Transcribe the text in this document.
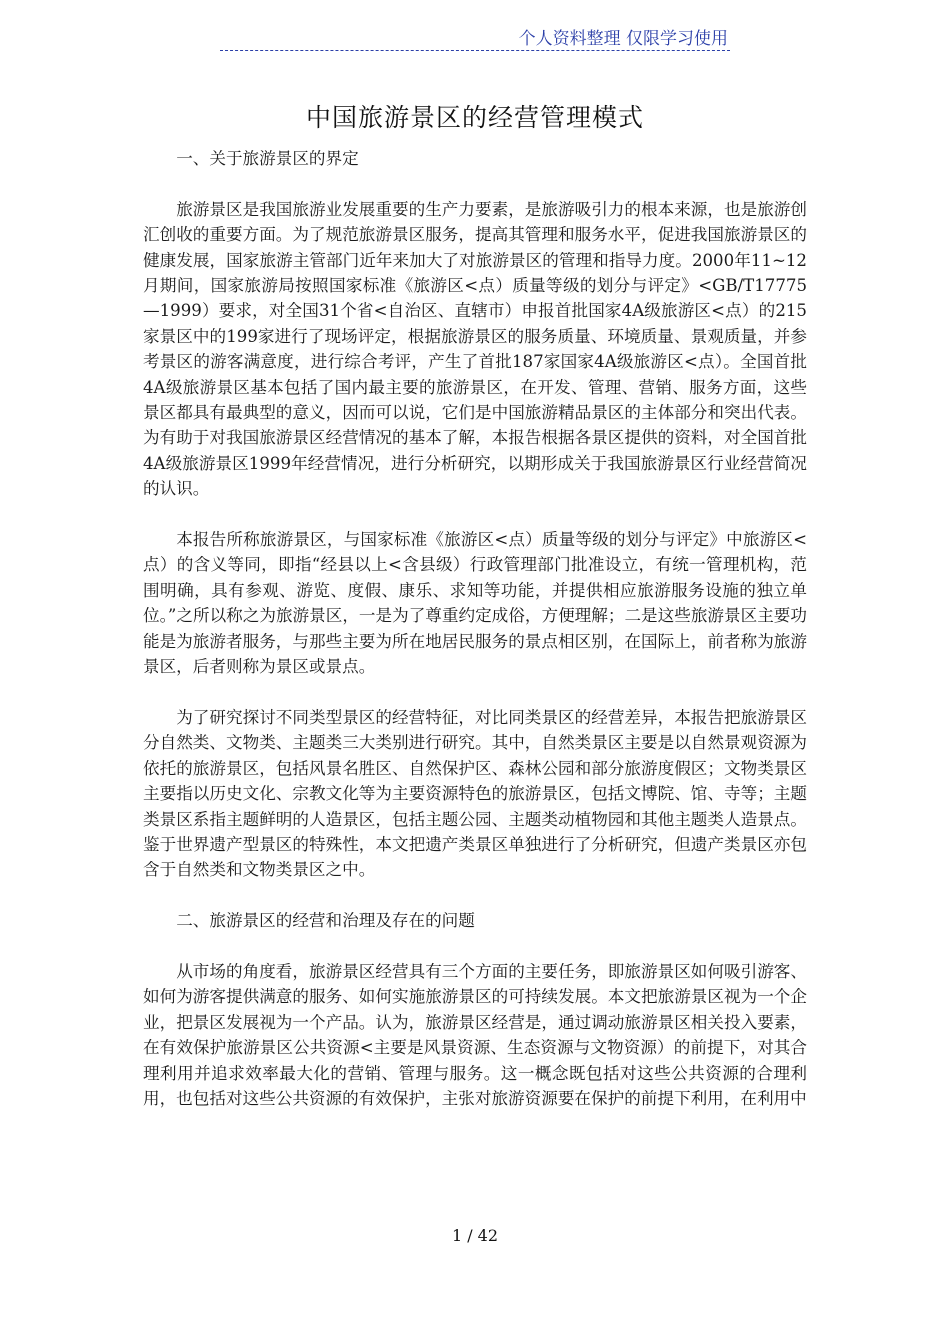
个人资料整理 仅限学习使用
中国旅游景区的经营管理模式
一、关于旅游景区的界定

旅游景区是我国旅游业发展重要的生产力要素，是旅游吸引力的根本来源，也是旅游创汇创收的重要方面。为了规范旅游景区服务，提高其管理和服务水平，促进我国旅游景区的健康发展，国家旅游主管部门近年来加大了对旅游景区的管理和指导力度。2000年11~12月期间，国家旅游局按照国家标准《旅游区<点）质量等级的划分与评定》<GB/T17775—1999）要求，对全国31个省<自治区、直辖市）申报首批国家4A级旅游区<点）的215家景区中的199家进行了现场评定，根据旅游景区的服务质量、环境质量、景观质量，并参考景区的游客满意度，进行综合考评，产生了首批187家国家4A级旅游区<点）。全国首批4A级旅游景区基本包括了国内最主要的旅游景区，在开发、管理、营销、服务方面，这些景区都具有最典型的意义，因而可以说，它们是中国旅游精品景区的主体部分和突出代表。为有助于对我国旅游景区经营情况的基本了解，本报告根据各景区提供的资料，对全国首批4A级旅游景区1999年经营情况，进行分析研究，以期形成关于我国旅游景区行业经营简况的认识。

本报告所称旅游景区，与国家标准《旅游区<点）质量等级的划分与评定》中旅游区<点）的含义等同，即指“经县以上<含县级）行政管理部门批准设立，有统一管理机构，范围明确，具有参观、游览、度假、康乐、求知等功能，并提供相应旅游服务设施的独立单位。”之所以称之为旅游景区，一是为了尊重约定成俗，方便理解；二是这些旅游景区主要功能是为旅游者服务，与那些主要为所在地居民服务的景点相区别，在国际上，前者称为旅游景区，后者则称为景区或景点。

为了研究探讨不同类型景区的经营特征，对比同类景区的经营差异，本报告把旅游景区分自然类、文物类、主题类三大类别进行研究。其中，自然类景区主要是以自然景观资源为依托的旅游景区，包括风景名胜区、自然保护区、森林公园和部分旅游度假区；文物类景区主要指以历史文化、宗教文化等为主要资源特色的旅游景区，包括文博院、馆、寺等；主题类景区系指主题鲜明的人造景区，包括主题公园、主题类动植物园和其他主题类人造景点。鉴于世界遗产型景区的特殊性，本文把遗产类景区单独进行了分析研究，但遗产类景区亦包含于自然类和文物类景区之中。

二、旅游景区的经营和治理及存在的问题

从市场的角度看，旅游景区经营具有三个方面的主要任务，即旅游景区如何吸引游客、如何为游客提供满意的服务、如何实施旅游景区的可持续发展。本文把旅游景区视为一个企业，把景区发展视为一个产品。认为，旅游景区经营是，通过调动旅游景区相关投入要素，在有效保护旅游景区公共资源<主要是风景资源、生态资源与文物资源）的前提下，对其合理利用并追求效率最大化的营销、管理与服务。这一概念既包括对这些公共资源的合理利用，也包括对这些公共资源的有效保护，主张对旅游资源要在保护的前提下利用，在利用中

1 / 42
